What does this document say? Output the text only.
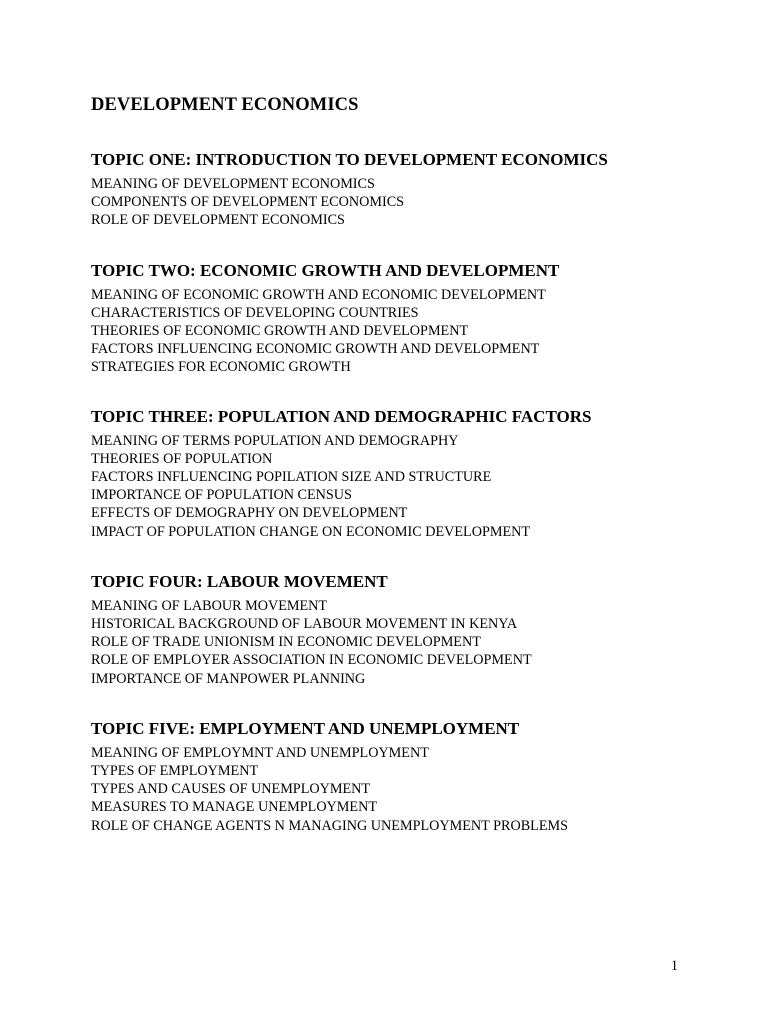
DEVELOPMENT ECONOMICS
TOPIC ONE: INTRODUCTION TO DEVELOPMENT ECONOMICS
MEANING OF DEVELOPMENT ECONOMICS
COMPONENTS OF DEVELOPMENT ECONOMICS
ROLE OF DEVELOPMENT ECONOMICS
TOPIC TWO: ECONOMIC GROWTH AND DEVELOPMENT
MEANING OF ECONOMIC GROWTH AND ECONOMIC DEVELOPMENT
CHARACTERISTICS OF DEVELOPING COUNTRIES
THEORIES OF ECONOMIC GROWTH AND DEVELOPMENT
FACTORS INFLUENCING ECONOMIC GROWTH AND DEVELOPMENT
STRATEGIES FOR ECONOMIC GROWTH
TOPIC THREE: POPULATION AND DEMOGRAPHIC FACTORS
MEANING OF TERMS POPULATION AND DEMOGRAPHY
THEORIES OF POPULATION
FACTORS INFLUENCING POPILATION SIZE AND STRUCTURE
IMPORTANCE OF POPULATION CENSUS
EFFECTS OF DEMOGRAPHY ON DEVELOPMENT
IMPACT OF POPULATION CHANGE ON ECONOMIC DEVELOPMENT
TOPIC FOUR: LABOUR MOVEMENT
MEANING OF LABOUR MOVEMENT
HISTORICAL BACKGROUND OF LABOUR MOVEMENT IN KENYA
ROLE OF TRADE UNIONISM IN ECONOMIC DEVELOPMENT
ROLE OF EMPLOYER ASSOCIATION IN ECONOMIC DEVELOPMENT
IMPORTANCE OF MANPOWER PLANNING
TOPIC FIVE: EMPLOYMENT AND UNEMPLOYMENT
MEANING OF EMPLOYMNT AND UNEMPLOYMENT
TYPES OF EMPLOYMENT
TYPES AND CAUSES OF UNEMPLOYMENT
MEASURES TO MANAGE UNEMPLOYMENT
ROLE OF CHANGE AGENTS N MANAGING UNEMPLOYMENT PROBLEMS
1
